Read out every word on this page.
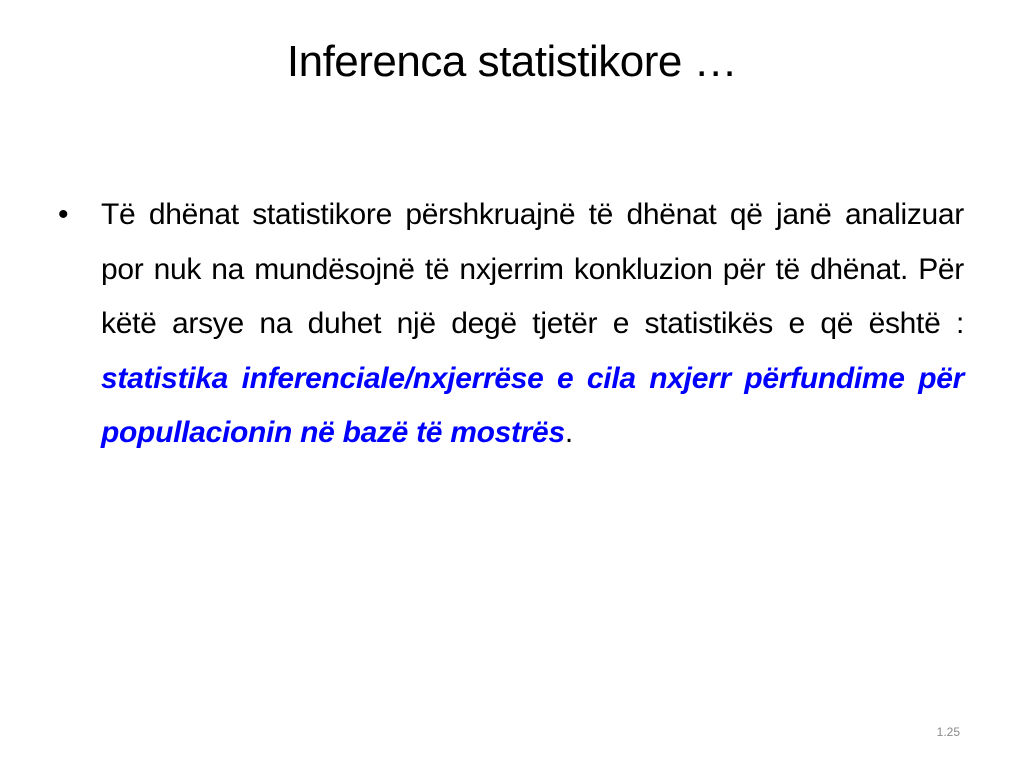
Inferenca statistikore …
• Të dhënat statistikore përshkruajnë të dhënat që janë analizuar por nuk na mundësojnë të nxjerrim konkluzion për të dhënat. Për këtë arsye na duhet një degë tjetër e statistikës e që është : statistika inferenciale/nxjerrëse e cila nxjerr përfundime për popullacionin në bazë të mostrës.
1.25
